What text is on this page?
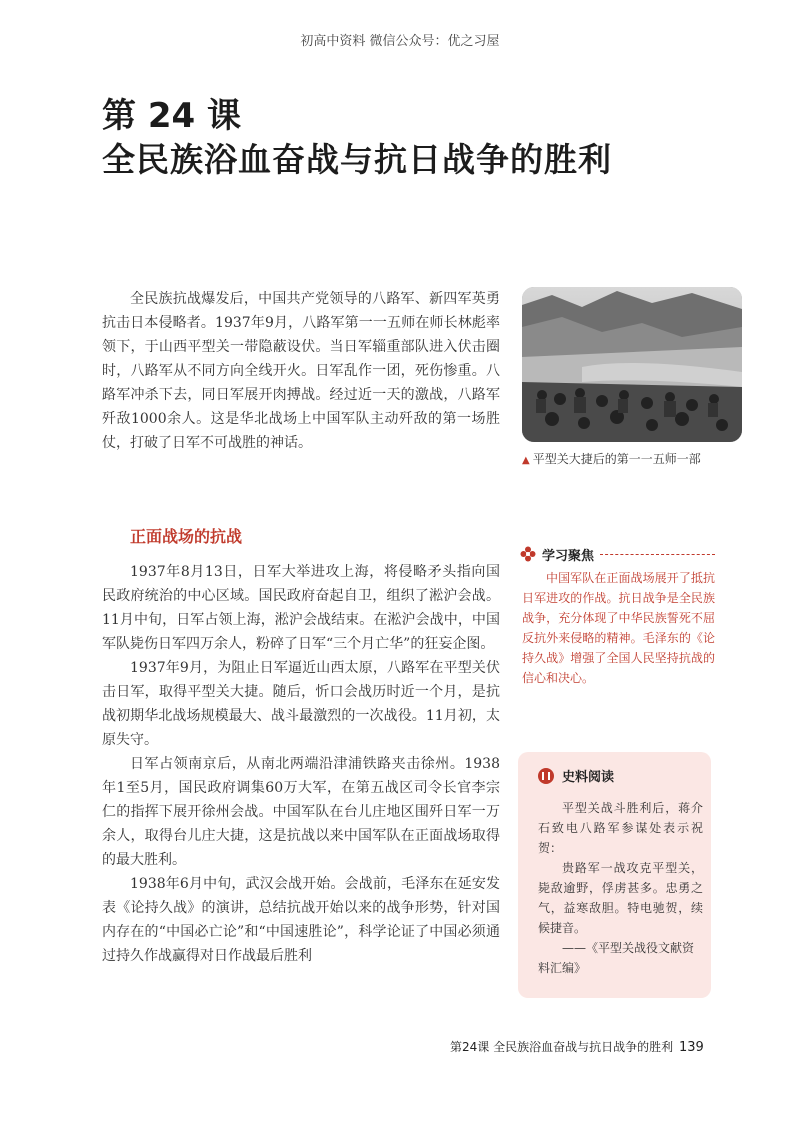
初高中资料 微信公众号：优之习屋
第 24 课
全民族浴血奋战与抗日战争的胜利
全民族抗战爆发后，中国共产党领导的八路军、新四军英勇抗击日本侵略者。1937年9月，八路军第一一五师在师长林彪率领下，于山西平型关一带隐蔽设伏。当日军辎重部队进入伏击圈时，八路军从不同方向全线开火。日军乱作一团，死伤惨重。八路军冲杀下去，同日军展开肉搏战。经过近一天的激战，八路军歼敌1000余人。这是华北战场上中国军队主动歼敌的第一场胜仗，打破了日军不可战胜的神话。
▲ 平型关大捷后的第一一五师一部
正面战场的抗战

1937年8月13日，日军大举进攻上海，将侵略矛头指向国民政府统治的中心区域。国民政府奋起自卫，组织了淞沪会战。11月中旬，日军占领上海，淞沪会战结束。在淞沪会战中，中国军队毙伤日军四万余人，粉碎了日军“三个月亡华”的狂妄企图。

1937年9月，为阻止日军逼近山西太原，八路军在平型关伏击日军，取得平型关大捷。随后，忻口会战历时近一个月，是抗战初期华北战场规模最大、战斗最激烈的一次战役。11月初，太原失守。

日军占领南京后，从南北两端沿津浦铁路夹击徐州。1938年1至5月，国民政府调集60万大军，在第五战区司令长官李宗仁的指挥下展开徐州会战。中国军队在台儿庄地区围歼日军一万余人，取得台儿庄大捷，这是抗战以来中国军队在正面战场取得的最大胜利。

1938年6月中旬，武汉会战开始。会战前，毛泽东在延安发表《论持久战》的演讲，总结抗战开始以来的战争形势，针对国内存在的“中国必亡论”和“中国速胜论”，科学论证了中国必须通过持久作战赢得对日作战最后胜利

学习聚焦
中国军队在正面战场展开了抵抗日军进攻的作战。抗日战争是全民族战争，充分体现了中华民族誓死不屈反抗外来侵略的精神。毛泽东的《论持久战》增强了全国人民坚持抗战的信心和决心。
史料阅读

平型关战斗胜利后，蒋介石致电八路军参谋处表示祝贺：

贵路军一战攻克平型关，毙敌逾野，俘虏甚多。忠勇之气，益寒敌胆。特电驰贺，续候捷音。

——《平型关战役文献资料汇编》

第24课 全民族浴血奋战与抗日战争的胜利 139
